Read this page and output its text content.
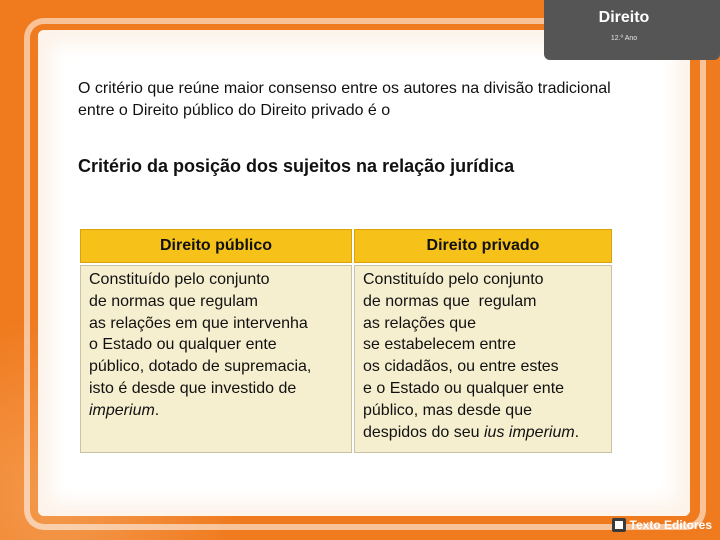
Direito
12.º Ano
O critério que reúne maior consenso entre os autores na divisão tradicional entre o Direito público do Direito privado é o
Critério da posição dos sujeitos na relação jurídica
Direito público	Direito privado
Constituído pelo conjunto
de normas que regulam
as relações em que intervenha
o Estado ou qualquer ente
público, dotado de supremacia,
isto é desde que investido de
imperium.
Constituído pelo conjunto
de normas que  regulam
as relações que
se estabelecem entre
os cidadãos, ou entre estes
e o Estado ou qualquer ente
público, mas desde que
despidos do seu ius imperium.
Texto Editores
